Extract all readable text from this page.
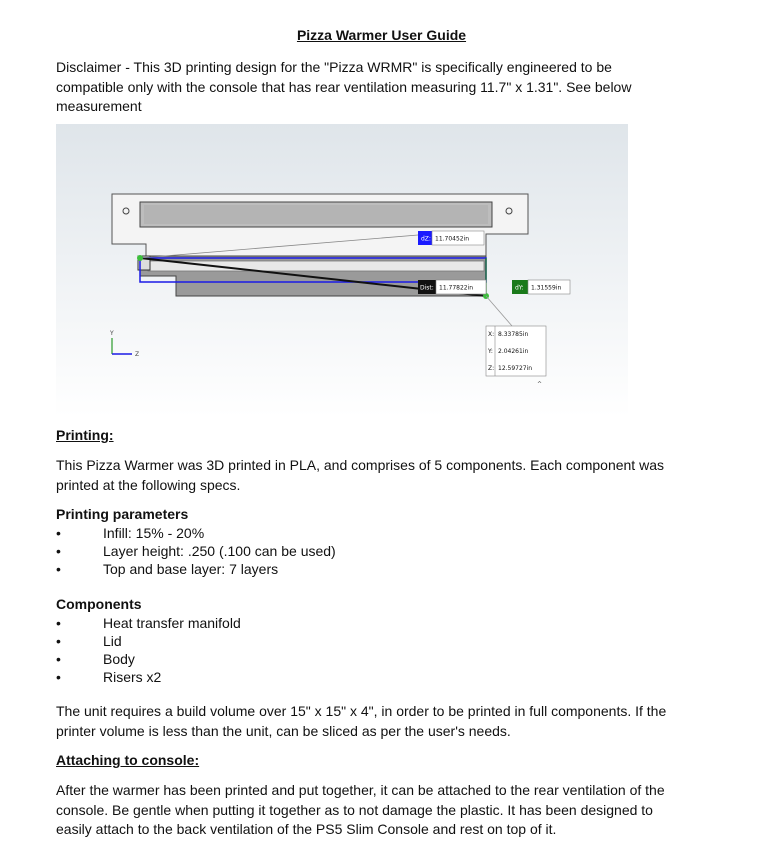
Pizza Warmer User Guide
Disclaimer - This 3D printing design for the "Pizza WRMR" is specifically engineered to be
compatible only with the console that has rear ventilation measuring 11.7" x 1.31". See below
measurement
dZ: 11.70452in
Dist: 11.77822in	dY: 1.31559in
X: 8.33785in
Y: 2.04261in
Z: 12.59727in
^
Y
Z
Printing:
This Pizza Warmer was 3D printed in PLA, and comprises of 5 components. Each component was
printed at the following specs.
Printing parameters
•	Infill: 15% - 20%
•	Layer height: .250 (.100 can be used)
•	Top and base layer: 7 layers
Components
•	Heat transfer manifold
•	Lid
•	Body
•	Risers x2
The unit requires a build volume over 15" x 15" x 4", in order to be printed in full components. If the
printer volume is less than the unit, can be sliced as per the user's needs.
Attaching to console:
After the warmer has been printed and put together, it can be attached to the rear ventilation of the
console. Be gentle when putting it together as to not damage the plastic. It has been designed to
easily attach to the back ventilation of the PS5 Slim Console and rest on top of it.
